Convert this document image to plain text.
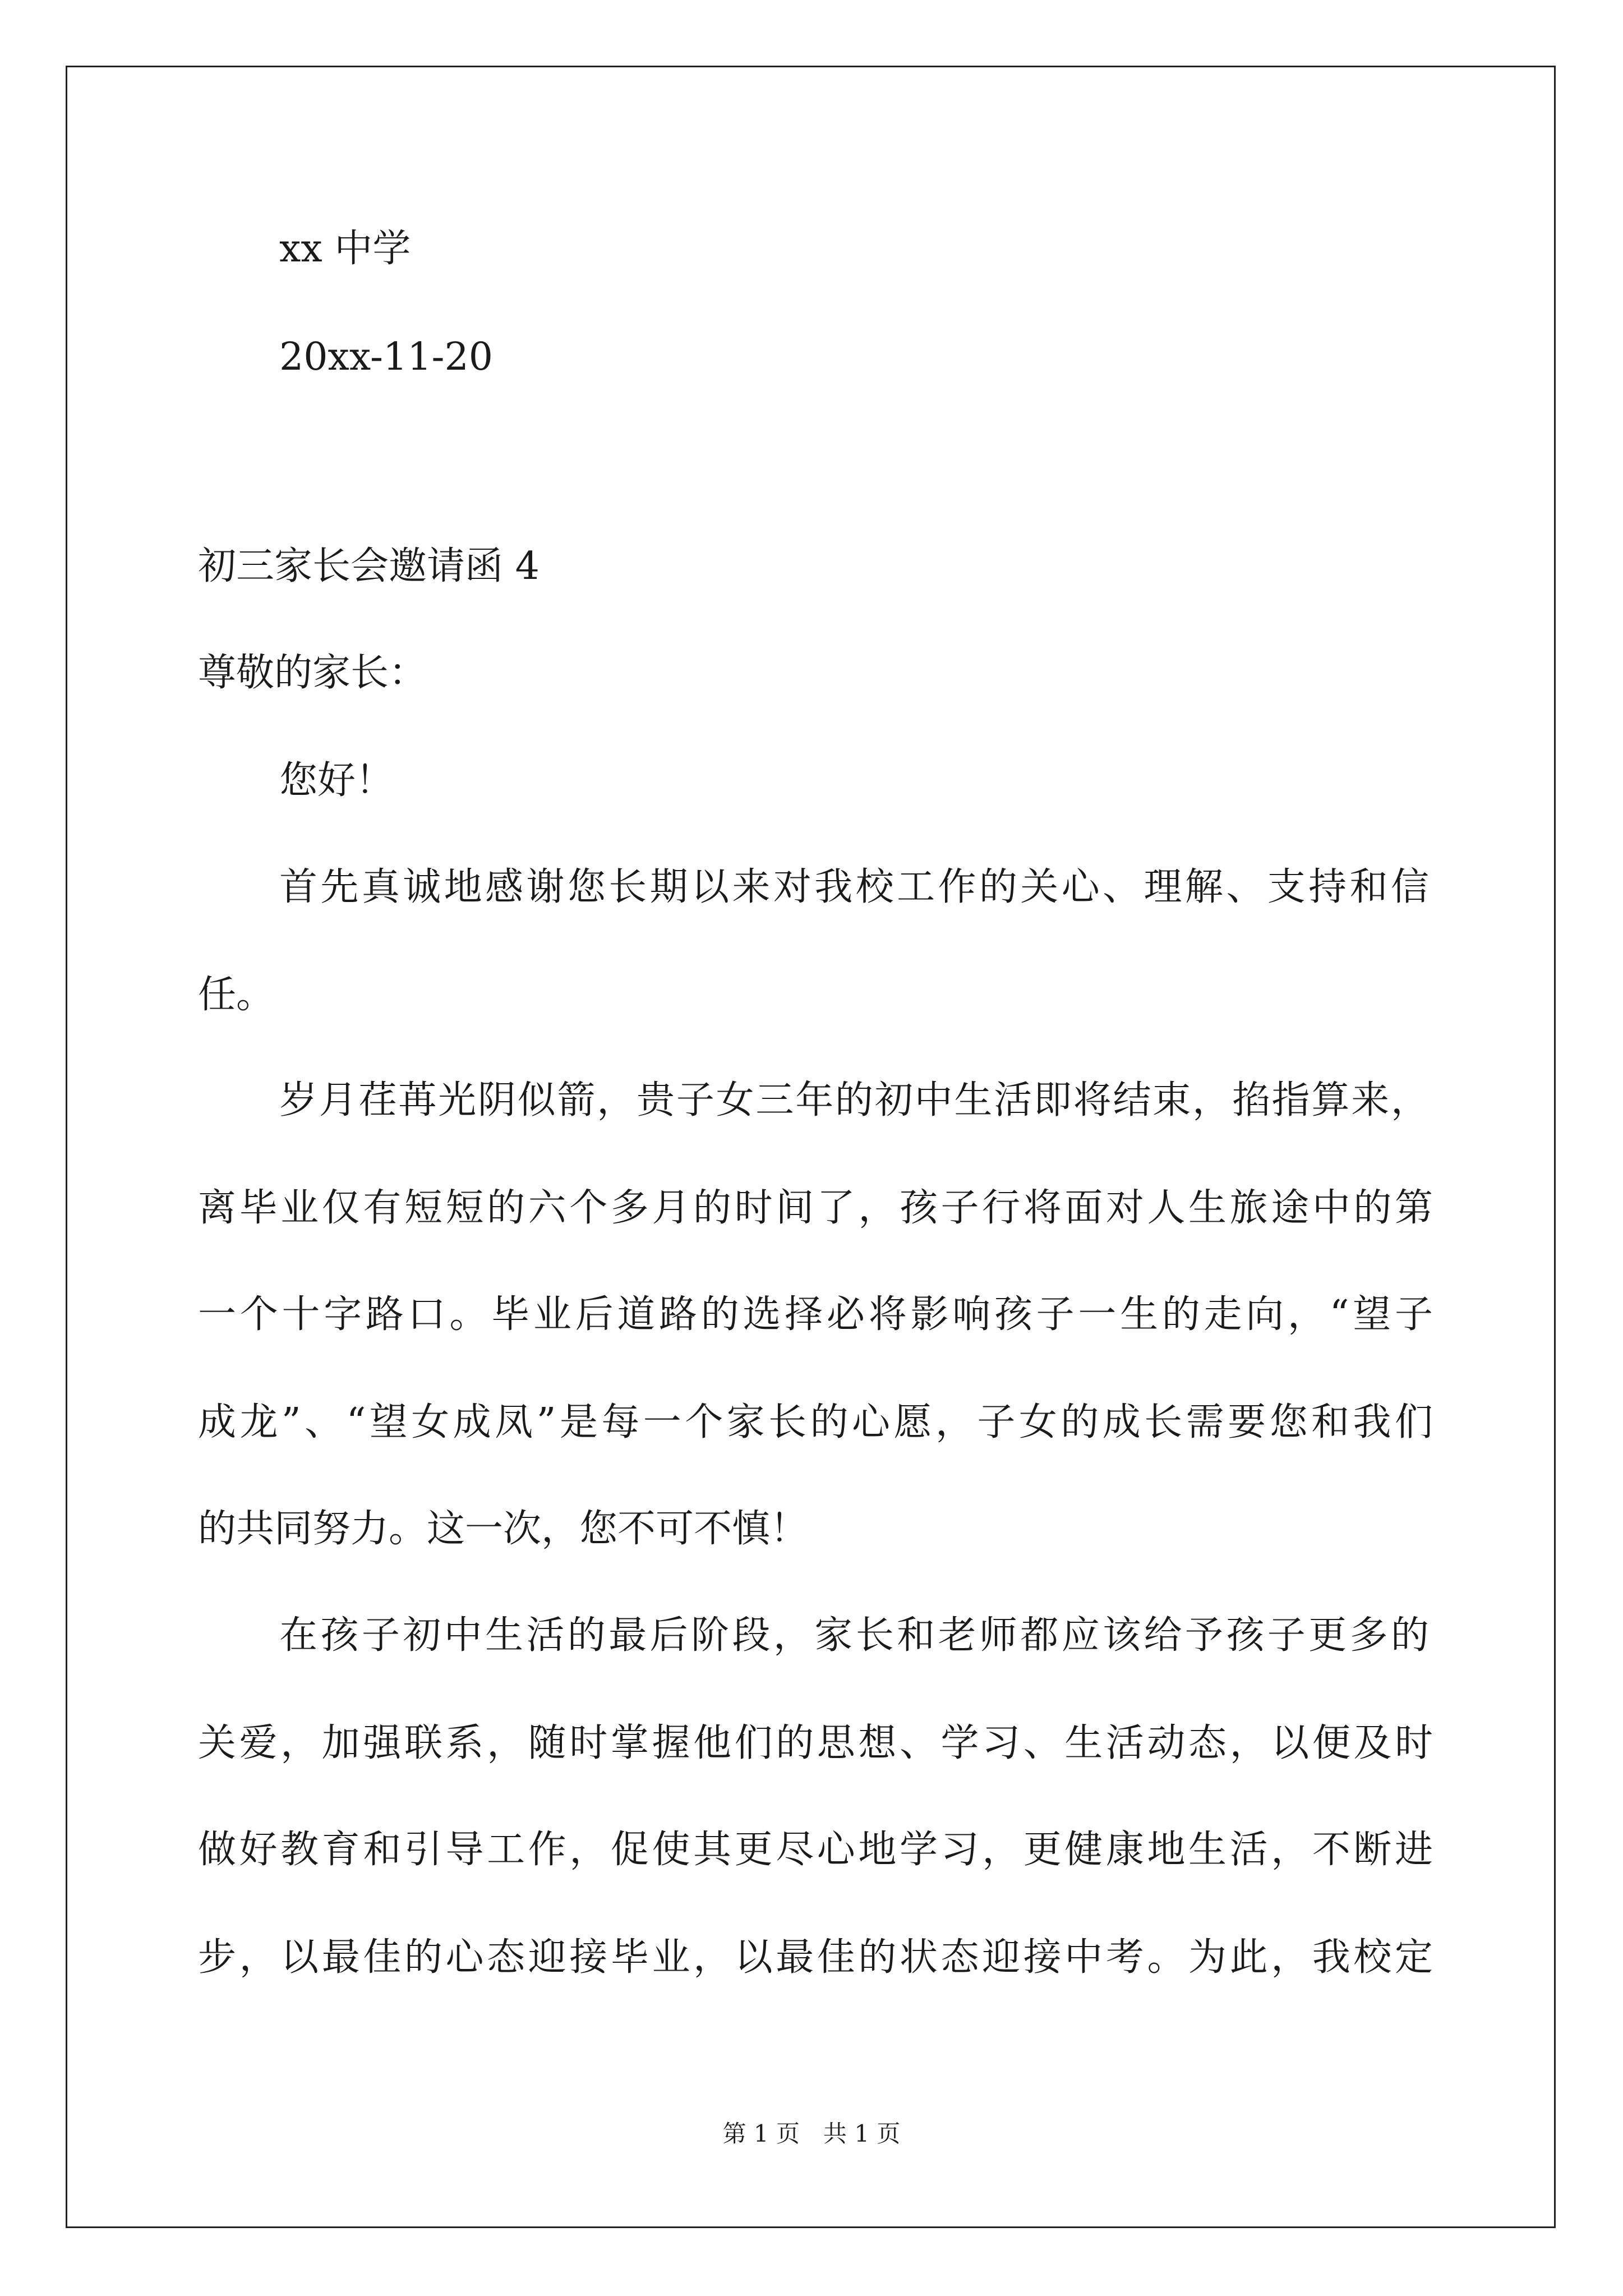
xx 中学
20xx-11-20
初三家长会邀请函 4
尊敬的家长：
您好！
首先真诚地感谢您长期以来对我校工作的关心、理解、支持和信
任。
岁月荏苒光阴似箭，贵子女三年的初中生活即将结束，掐指算来，
离毕业仅有短短的六个多月的时间了，孩子行将面对人生旅途中的第
一个十字路口。毕业后道路的选择必将影响孩子一生的走向，“望子
成龙”、“望女成凤”是每一个家长的心愿，子女的成长需要您和我们
的共同努力。这一次，您不可不慎！
在孩子初中生活的最后阶段，家长和老师都应该给予孩子更多的
关爱，加强联系，随时掌握他们的思想、学习、生活动态，以便及时
做好教育和引导工作，促使其更尽心地学习，更健康地生活，不断进
步，以最佳的心态迎接毕业，以最佳的状态迎接中考。为此，我校定
第 1 页　共 1 页
